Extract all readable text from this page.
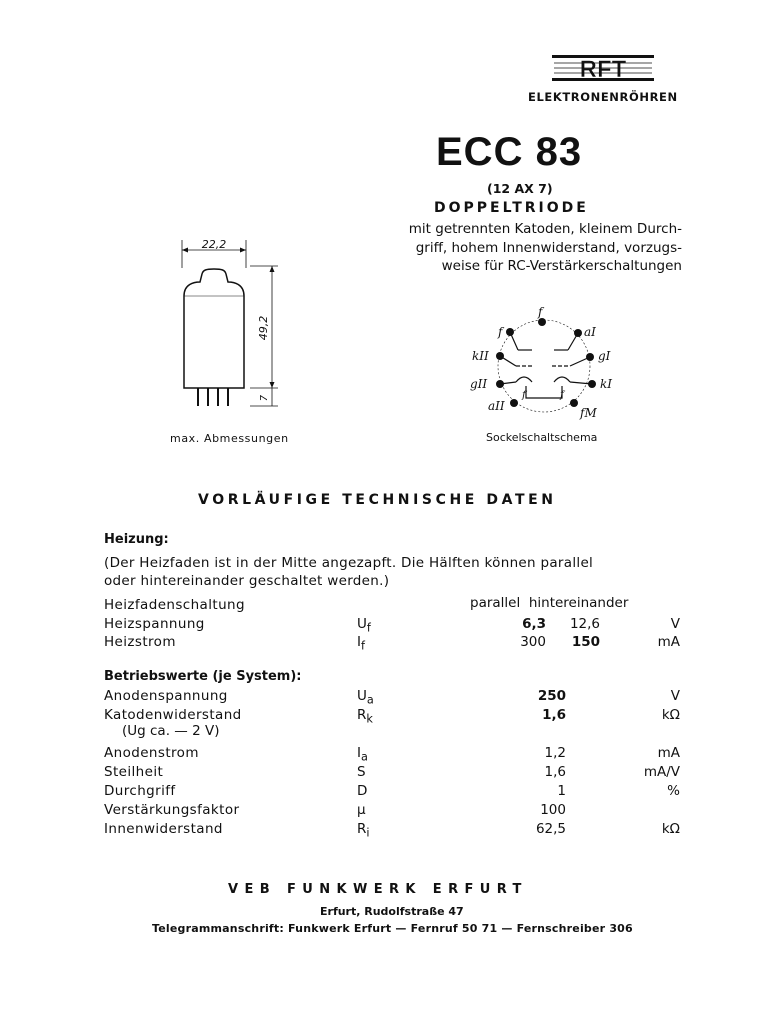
RFT
ELEKTRONENRÖHREN
ECC 83
(12 AX 7)
DOPPELTRIODE
mit getrennten Katoden, kleinem Durch-
griff, hohem Innenwiderstand, vorzugs-
weise für RC-Verstärkerschaltungen
22,2
49,2
7
max. Abmessungen
f
aI
gI
kI
fM
f
aII
gII
kII
f	f
Sockelschaltschema
VORLÄUFIGE TECHNISCHE DATEN
Heizung:
(Der Heizfaden ist in der Mitte angezapft. Die Hälften können parallel
oder hintereinander geschaltet werden.)
parallel hintereinander
Heizfadenschaltung
Heizspannung	$U_f$	6,3 12,6	V
Heizstrom	$I_f$	300 150	mA
Betriebswerte (je System):
Anodenspannung	$U_a$	250	V
Katodenwiderstand	$R_k$	1,6	kΩ
(Ug ca. — 2 V)
Anodenstrom	$I_a$	1,2	mA
Steilheit	S	1,6	mA/V
Durchgriff	D	1	%
Verstärkungsfaktor	μ	100
Innenwiderstand	$R_i$	62,5	kΩ
VEB FUNKWERK ERFURT
Erfurt, Rudolfstraße 47
Telegrammanschrift: Funkwerk Erfurt — Fernruf 50 71 — Fernschreiber 306
